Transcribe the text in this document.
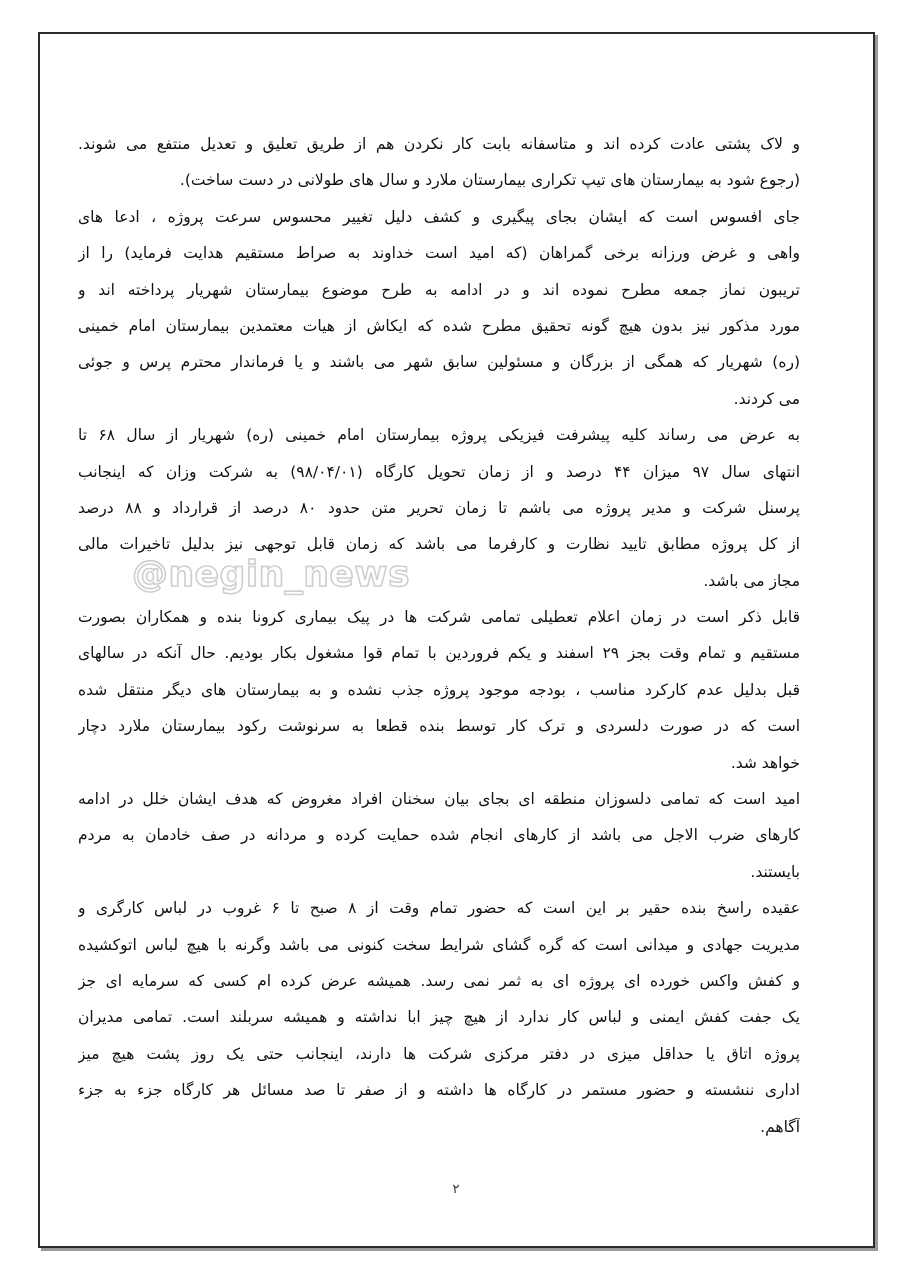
و لاک پشتی عادت کرده اند و متاسفانه بابت کار نکردن هم از طریق تعلیق و تعدیل منتفع می شوند.
(رجوع شود به بیمارستان های تیپ تکراری بیمارستان ملارد و سال های طولانی در دست ساخت).
جای افسوس است که ایشان بجای پیگیری و کشف دلیل تغییر محسوس سرعت پروژه ، ادعا های
واهی و غرض ورزانه برخی گمراهان (که امید است خداوند به صراط مستقیم هدایت فرماید) را از
تریبون نماز جمعه مطرح نموده اند و در ادامه به طرح موضوع بیمارستان شهریار پرداخته اند و
مورد مذکور نیز بدون هیچ گونه تحقیق مطرح شده که ایکاش از هیات معتمدین بیمارستان امام خمینی
(ره) شهریار که همگی از بزرگان و مسئولین سابق شهر می باشند و یا فرماندار محترم پرس و جوئی
می کردند.
به عرض می رساند کلیه پیشرفت فیزیکی پروژه بیمارستان امام خمینی (ره) شهریار از سال ۶۸ تا
انتهای سال ۹۷ میزان ۴۴ درصد و از زمان تحویل کارگاه (۹۸/۰۴/۰۱) به شرکت وزان که اینجانب
پرسنل شرکت و مدیر پروژه می باشم تا زمان تحریر متن حدود ۸۰ درصد از قرارداد و ۸۸ درصد
از کل پروژه مطابق تایید نظارت و کارفرما می باشد که زمان قابل توجهی نیز بدلیل تاخیرات مالی
مجاز می باشد.
قابل ذکر است در زمان اعلام تعطیلی تمامی شرکت ها در پیک بیماری کرونا بنده و همکاران بصورت
مستقیم و تمام وقت بجز ۲۹ اسفند و یکم فروردین با تمام قوا مشغول بکار بودیم. حال آنکه در سالهای
قبل بدلیل عدم کارکرد مناسب ، بودجه موجود پروژه جذب نشده و به بیمارستان های دیگر منتقل شده
است که در صورت دلسردی و ترک کار توسط بنده قطعا به سرنوشت رکود بیمارستان ملارد دچار
خواهد شد.
امید است که تمامی دلسوزان منطقه ای بجای بیان سخنان افراد مغروض که هدف ایشان خلل در ادامه
کارهای ضرب الاجل می باشد از کارهای انجام شده حمایت کرده و مردانه در صف خادمان به مردم
بایستند.
عقیده راسخ بنده حقیر بر این است که حضور تمام وقت از ۸ صبح تا ۶ غروب در لباس کارگری و
مدیریت جهادی و میدانی است که گره گشای شرایط سخت کنونی می باشد وگرنه با هیچ لباس اتوکشیده
و کفش واکس خورده ای پروژه ای به ثمر نمی رسد. همیشه عرض کرده ام کسی که سرمایه ای جز
یک جفت کفش ایمنی و لباس کار ندارد از هیچ چیز ابا نداشته و همیشه سربلند است. تمامی مدیران
پروژه اتاق یا حداقل میزی در دفتر مرکزی شرکت ها دارند، اینجانب حتی یک روز پشت هیچ میز
اداری ننشسته و حضور مستمر در کارگاه ها داشته و از صفر تا صد مسائل هر کارگاه جزء به جزء
آگاهم.
@negin_news
۲
